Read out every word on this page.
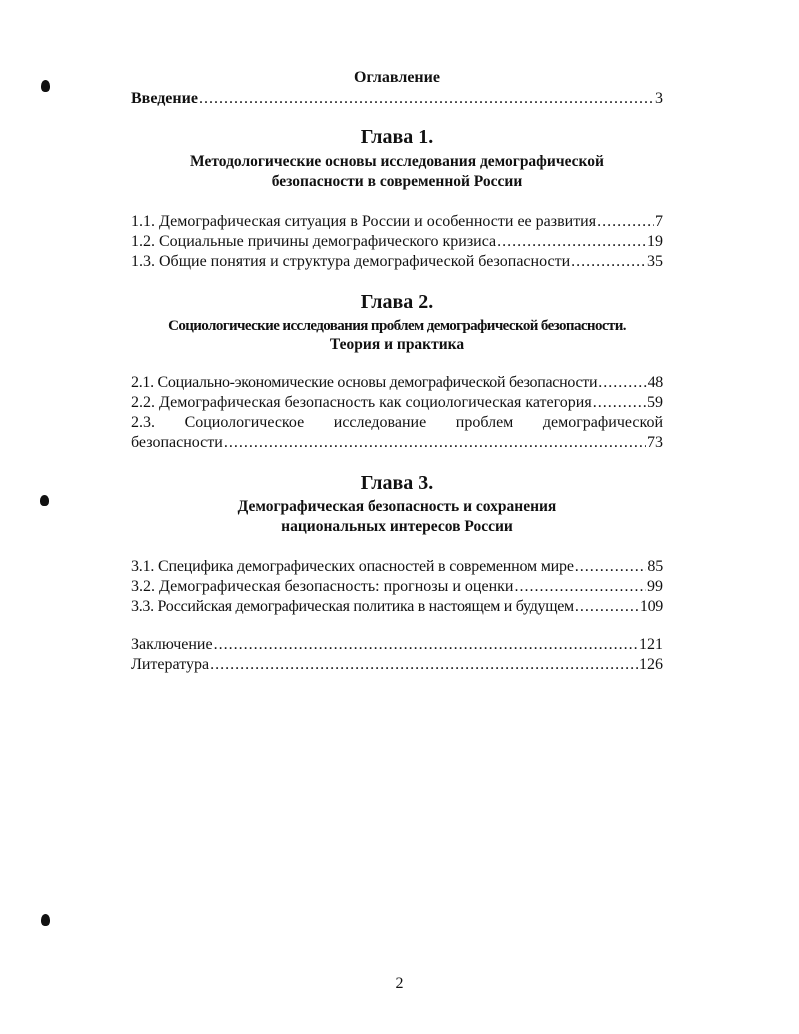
Оглавление
Введение .....	3
Глава 1.
Методологические основы исследования демографической
безопасности в современной России
1.1. Демографическая ситуация в России и особенности ее развития .....	7
1.2. Социальные причины демографического кризиса .....	19
1.3. Общие понятия и структура демографической безопасности .....	35
Глава 2.
Социологические исследования проблем демографической безопасности.
Теория и практика
2.1. Социально-экономические основы демографической безопасности .....	48
2.2. Демографическая безопасность как социологическая категория .....	59
2.3. Социологическое исследование проблем демографической
безопасности .....	73
Глава 3.
Демографическая безопасность и сохранения
национальных интересов России
3.1. Специфика демографических опасностей в современном мире .....	85
3.2. Демографическая безопасность: прогнозы и оценки .....	99
3.3. Российская демографическая политика в настоящем и будущем .....	109
Заключение .....	121
Литература .....	126
2
